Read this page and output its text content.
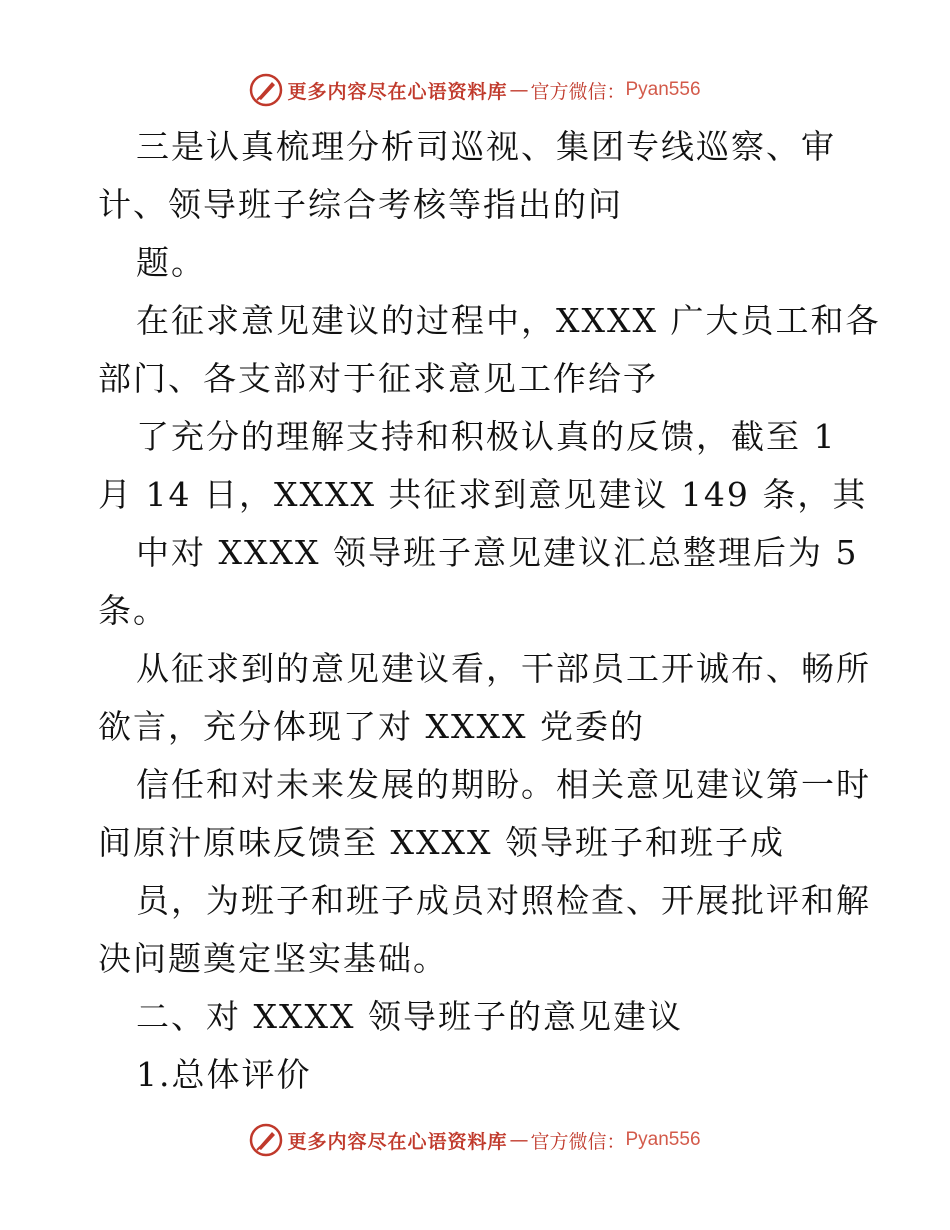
更多内容尽在心语资料库 — 官方微信： Pyan556
三是认真梳理分析司巡视、集团专线巡察、审
计、领导班子综合考核等指出的问
题。
在征求意见建议的过程中，XXXX 广大员工和各
部门、各支部对于征求意见工作给予
了充分的理解支持和积极认真的反馈，截至 1
月 14 日，XXXX 共征求到意见建议 149 条，其
中对 XXXX 领导班子意见建议汇总整理后为 5
条。
从征求到的意见建议看，干部员工开诚布、畅所
欲言，充分体现了对 XXXX 党委的
信任和对未来发展的期盼。相关意见建议第一时
间原汁原味反馈至 XXXX 领导班子和班子成
员，为班子和班子成员对照检查、开展批评和解
决问题奠定坚实基础。
二、对 XXXX 领导班子的意见建议
1.总体评价
更多内容尽在心语资料库 — 官方微信： Pyan556
